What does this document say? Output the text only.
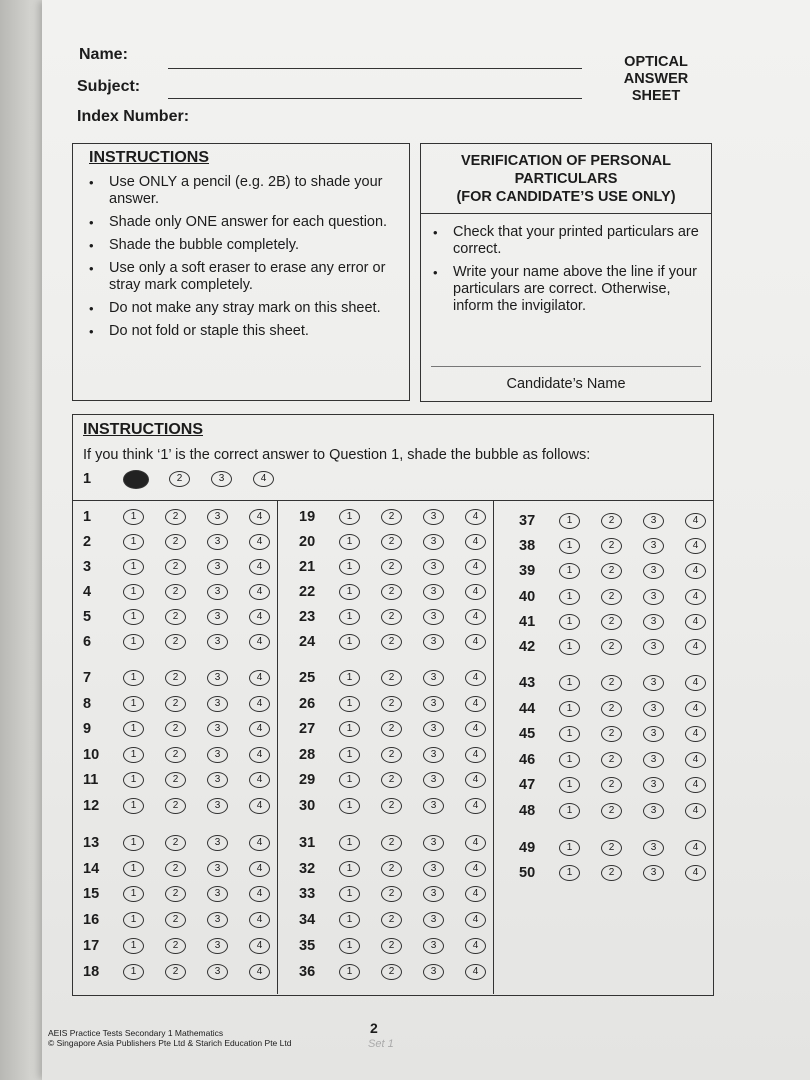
Name:
Subject:
Index Number:
OPTICAL
ANSWER
SHEET
INSTRUCTIONS
• Use ONLY a pencil (e.g. 2B) to shade your answer.
• Shade only ONE answer for each question.
• Shade the bubble completely.
• Use only a soft eraser to erase any error or stray mark completely.
• Do not make any stray mark on this sheet.
• Do not fold or staple this sheet.
VERIFICATION OF PERSONAL
PARTICULARS
(FOR CANDIDATE’S USE ONLY)
• Check that your printed particulars are correct.
• Write your name above the line if your particulars are correct. Otherwise, inform the invigilator.
Candidate’s Name
INSTRUCTIONS
If you think ‘1’ is the correct answer to Question 1, shade the bubble as follows:
1	2	3	4
1	1	2	3	4
2	1	2	3	4
3	1	2	3	4
4	1	2	3	4
5	1	2	3	4
6	1	2	3	4
7	1	2	3	4
8	1	2	3	4
9	1	2	3	4
10	1	2	3	4
11	1	2	3	4
12	1	2	3	4
13	1	2	3	4
14	1	2	3	4
15	1	2	3	4
16	1	2	3	4
17	1	2	3	4
18	1	2	3	4
19	1	2	3	4
20	1	2	3	4
21	1	2	3	4
22	1	2	3	4
23	1	2	3	4
24	1	2	3	4
25	1	2	3	4
26	1	2	3	4
27	1	2	3	4
28	1	2	3	4
29	1	2	3	4
30	1	2	3	4
31	1	2	3	4
32	1	2	3	4
33	1	2	3	4
34	1	2	3	4
35	1	2	3	4
36	1	2	3	4
37	1	2	3	4
38	1	2	3	4
39	1	2	3	4
40	1	2	3	4
41	1	2	3	4
42	1	2	3	4
43	1	2	3	4
44	1	2	3	4
45	1	2	3	4
46	1	2	3	4
47	1	2	3	4
48	1	2	3	4
49	1	2	3	4
50	1	2	3	4
AEIS Practice Tests Secondary 1 Mathematics
© Singapore Asia Publishers Pte Ltd & Starich Education Pte Ltd
2
Set 1
